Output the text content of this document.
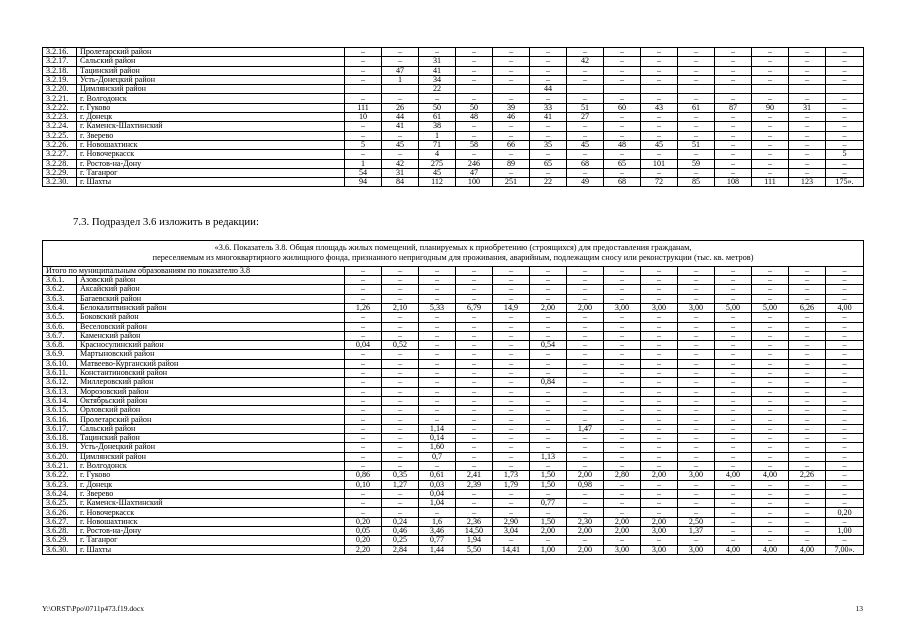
3.2.16.	Пролетарский район	–	–	–	–	–	–	–	–	–	–	–	–	–	–
3.2.17.	Сальский район	–	–	31	–	–	–	42	–	–	–	–	–	–	–
3.2.18.	Тацинский район	–	47	41	–	–	–	–	–	–	–	–	–	–	–
3.2.19.	Усть-Донецкий район	–	1	34	–	–	–	–	–	–	–	–	–	–	–
3.2.20.	Цимлянский район			22			44								
3.2.21.	г. Волгодонск	–	–	–	–	–	–	–	–	–	–	–	–	–	–
3.2.22.	г. Гуково	111	26	50	50	39	33	51	60	43	61	87	90	31	–
3.2.23.	г. Донецк	10	44	61	48	46	41	27	–	–	–	–	–	–	–
3.2.24.	г. Каменск-Шахтинский	–	41	38	–	–	–	–	–	–	–	–	–	–	–
3.2.25.	г. Зверево	–	–	1	–	–	–	–	–	–	–	–	–	–	–
3.2.26.	г. Новошахтинск	5	45	71	58	66	35	45	48	45	51	–	–	–	–
3.2.27.	г. Новочеркасск	–	–	4	–	–	–	–	–	–	–	–	–	–	5
3.2.28.	г. Ростов-на-Дону	1	42	275	246	89	65	68	65	101	59	–	–	–	–
3.2.29.	г. Таганрог	54	31	45	47	–	–	–	–	–	–	–	–	–	–
3.2.30.	г. Шахты	94	84	112	100	251	22	49	68	72	85	108	111	123	175».
7.3. Подраздел 3.6 изложить в редакции:
«3.6. Показатель 3.8. Общая площадь жилых помещений, планируемых к приобретению (строящихся) для предоставления гражданам,
переселяемым из многоквартирного жилищного фонда, признанного непригодным для проживания, аварийным, подлежащим сносу или реконструкции (тыс. кв. метров)															

Итого по муниципальным образованиям по показателю 3.8		–	–	–	–	–	–	–	–	–	–	–	–	–	–
3.6.1.	Азовский район	–	–	–	–	–	–	–	–	–	–	–	–	–	–
3.6.2.	Аксайский район	–	–	–	–	–	–	–	–	–	–	–	–	–	–
3.6.3.	Багаевский район	–	–	–	–	–	–	–	–	–	–	–	–	–	–
3.6.4.	Белокалитвинский район	1,26	2,10	5,33	6,79	14,9	2,00	2,00	3,00	3,00	3,00	5,00	5,00	6,26	4,00
3.6.5.	Боковский район	–	–	–	–	–	–	–	–	–	–	–	–	–	–
3.6.6.	Веселовский район	–	–	–	–	–	–	–	–	–	–	–	–	–	–
3.6.7.	Каменский район	–	–	–	–	–	–	–	–	–	–	–	–	–	–
3.6.8.	Красносулинский район	0,04	0,52	–	–	–	0,54	–	–	–	–	–	–	–	–
3.6.9.	Мартыновский район	–	–	–	–	–	–	–	–	–	–	–	–	–	–
3.6.10.	Матвеево-Курганский район	–	–	–	–	–	–	–	–	–	–	–	–	–	–
3.6.11.	Константиновский район	–	–	–	–	–	–	–	–	–	–	–	–	–	–
3.6.12.	Миллеровский район	–	–	–	–	–	0,84	–	–	–	–	–	–	–	–
3.6.13.	Морозовский район	–	–	–	–	–	–	–	–	–	–	–	–	–	–
3.6.14.	Октябрьский район	–	–	–	–	–	–	–	–	–	–	–	–	–	–
3.6.15.	Орловский район	–	–	–	–	–	–	–	–	–	–	–	–	–	–
3.6.16.	Пролетарский район	–	–	–	–	–	–	–	–	–	–	–	–	–	–
3.6.17.	Сальский район	–	–	1,14	–	–	–	1,47	–	–	–	–	–	–	–
3.6.18.	Тацинский район	–	–	0,14	–	–	–	–	–	–	–	–	–	–	–
3.6.19.	Усть-Донецкий район	–	–	1,60	–	–	–	–	–	–	–	–	–	–	–
3.6.20.	Цимлянский район	–	–	0,7	–	–	1,13	–	–	–	–	–	–	–	–
3.6.21.	г. Волгодонск	–	–	–	–	–	–	–	–	–	–	–	–	–	–
3.6.22.	г. Гуково	0,86	0,35	0,61	2,41	1,73	1,50	2,00	2,80	2,00	3,00	4,00	4,00	2,26	–
3.6.23.	г. Донецк	0,10	1,27	0,03	2,39	1,79	1,50	0,98	–	–	–	–	–	–	–
3.6.24.	г. Зверево	–	–	0,04	–	–	–	–	–	–	–	–	–	–	–
3.6.25.	г. Каменск-Шахтинский	–	–	1,04	–	–	0,77	–	–	–	–	–	–	–	–
3.6.26.	г. Новочеркасск	–	–	–	–	–	–	–	–	–	–	–	–	–	0,20
3.6.27.	г. Новошахтинск	0,20	0,24	1,6	2,36	2,90	1,50	2,30	2,00	2,00	2,50	–	–	–	–
3.6.28.	г. Ростов-на-Дону	0,05	0,46	3,46	14,50	3,04	2,00	2,00	2,00	3,00	1,37	–	–	–	1,00
3.6.29.	г. Таганрог	0,20	0,25	0,77	1,94	–	–	–	–	–	–	–	–	–	–
3.6.30.	г. Шахты	2,20	2,84	1,44	5,50	14,41	1,00	2,00	3,00	3,00	3,00	4,00	4,00	4,00	7,00».
Y:\ORST\Ppo\0711p473.f19.docx	13
